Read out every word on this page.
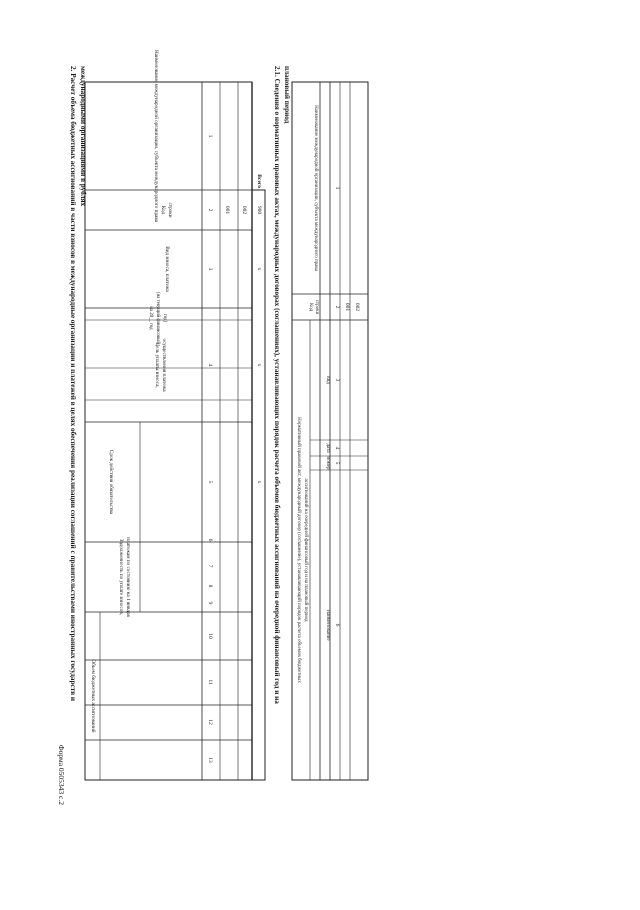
Форма 0505343 с.2
2. Расчет объема бюджетных ассигнований в части взносов в международные организации и платежей в целях обеспечения реализации соглашений с правительствами иностранных государств и международными организациями в рублях	Наименование международной организации, субъекта международного права Код строки
Вид взноса, платежа
Цель уплаты взноса, осуществления платежа
Срок действия обязательства
Задолженность по уплате взносов, платежам по состоянию на 1 января
Объем бюджетных ассигнований
на 20__ год (на текущий финансовый год)
1
2
3
4
5
6
7
8
9
10
11
12
13
001 002
Всего
900
x
x
x 2.1. Сведения о нормативных правовых актах, международных договорах (соглашениях), устанавливающих порядок расчета объемов бюджетных ассигнований на очередной финансовый год и на плановый период
Наименование международной организации, субъекта международного права
Код строки
Нормативный правовой акт, международный договор (соглашение), устанавливающий порядок расчета объемов бюджетных ассигнований на очередной финансовый год и на плановый период
вид
дата
номер
Наименование
1
2
3
4
5
6
001 002
